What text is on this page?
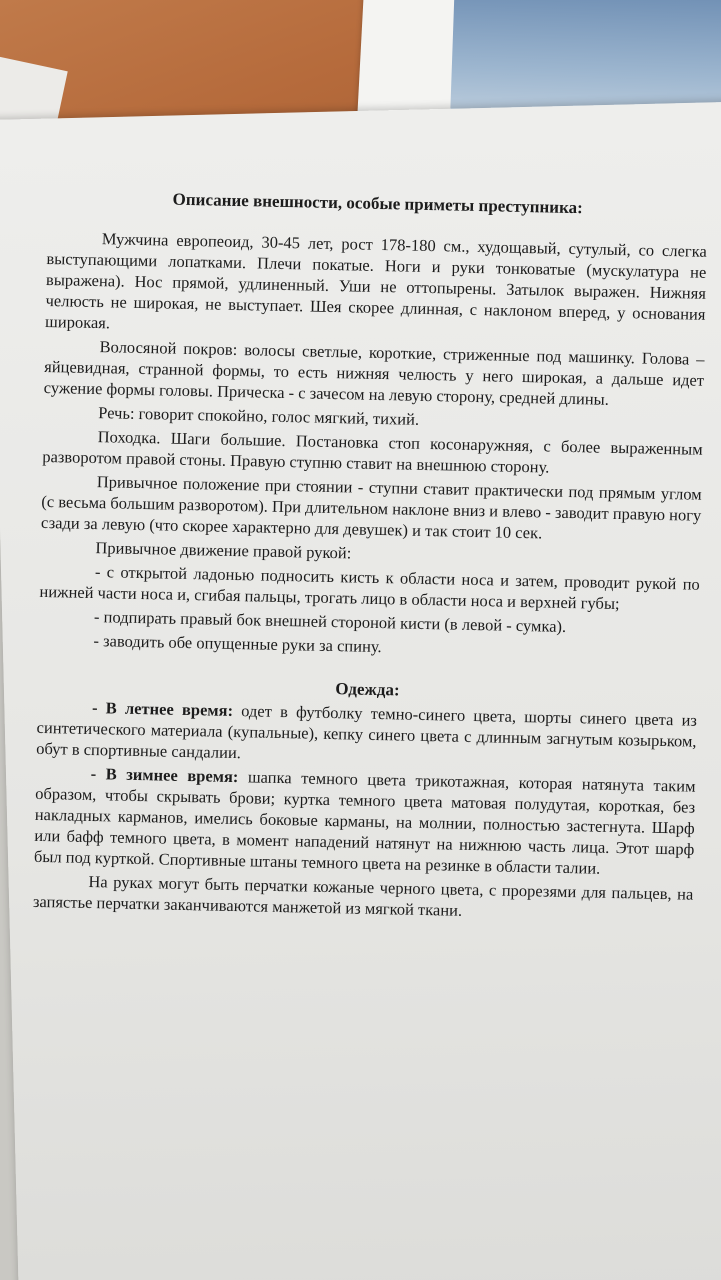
Описание внешности, особые приметы преступника:

Мужчина европеоид, 30-45 лет, рост 178-180 см., худощавый, сутулый, со слегка выступающими лопатками. Плечи покатые. Ноги и руки тонковатые (мускулатура не выражена). Нос прямой, удлиненный. Уши не оттопырены. Затылок выражен. Нижняя челюсть не широкая, не выступает. Шея скорее длинная, с наклоном вперед, у основания широкая.

Волосяной покров: волосы светлые, короткие, стриженные под машинку. Голова – яйцевидная, странной формы, то есть нижняя челюсть у него широкая, а дальше идет сужение формы головы. Прическа - с зачесом на левую сторону, средней длины.

Речь: говорит спокойно, голос мягкий, тихий.

Походка. Шаги большие. Постановка стоп косонаружняя, с более выраженным разворотом правой стоны. Правую ступню ставит на внешнюю сторону.

Привычное положение при стоянии - ступни ставит практически под прямым углом (с весьма большим разворотом). При длительном наклоне вниз и влево - заводит правую ногу сзади за левую (что скорее характерно для девушек) и так стоит 10 сек.

Привычное движение правой рукой:

- с открытой ладонью подносить кисть к области носа и затем, проводит рукой по нижней части носа и, сгибая пальцы, трогать лицо в области носа и верхней губы;

- подпирать правый бок внешней стороной кисти (в левой - сумка).

- заводить обе опущенные руки за спину.

Одежда:

- В летнее время: одет в футболку темно-синего цвета, шорты синего цвета из синтетического материала (купальные), кепку синего цвета с длинным загнутым козырьком, обут в спортивные сандалии.

- В зимнее время: шапка темного цвета трикотажная, которая натянута таким образом, чтобы скрывать брови; куртка темного цвета матовая полудутая, короткая, без накладных карманов, имелись боковые карманы, на молнии, полностью застегнута. Шарф или бафф темного цвета, в момент нападений натянут на нижнюю часть лица. Этот шарф был под курткой. Спортивные штаны темного цвета на резинке в области талии.

На руках могут быть перчатки кожаные черного цвета, с прорезями для пальцев, на запястье перчатки заканчиваются манжетой из мягкой ткани.
